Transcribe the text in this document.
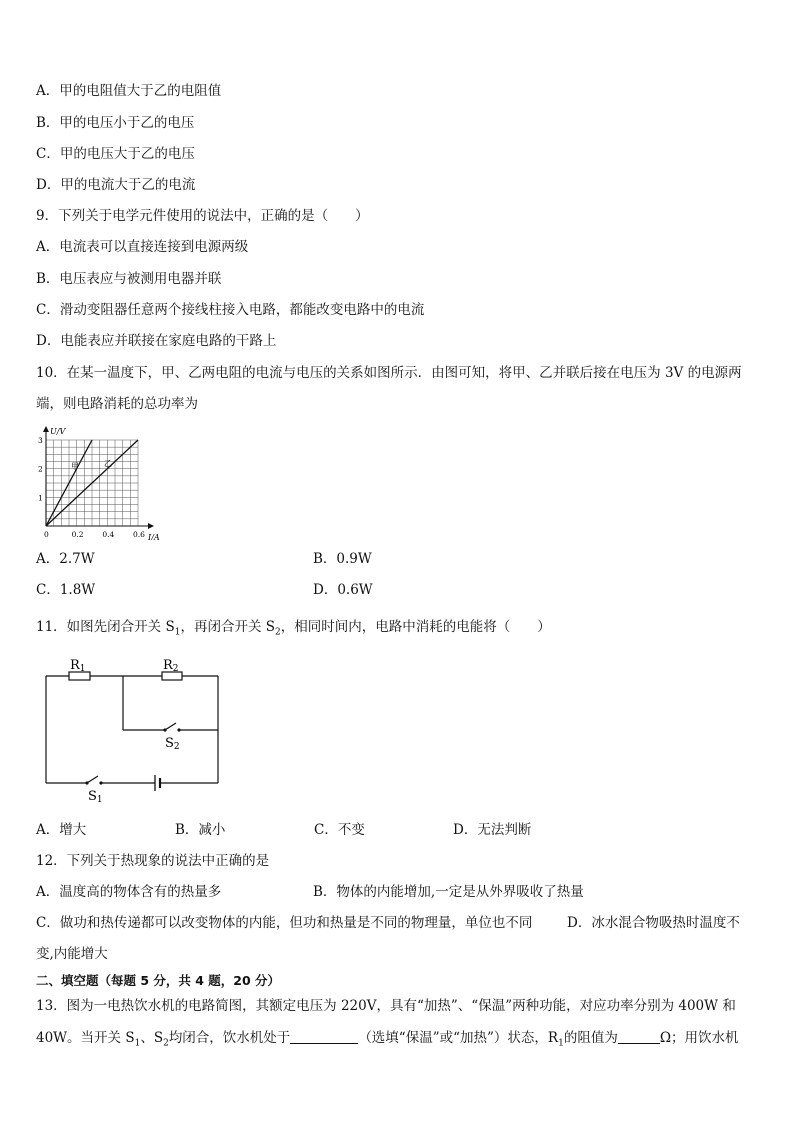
A．甲的电阻值大于乙的电阻值
B．甲的电压小于乙的电压
C．甲的电压大于乙的电压
D．甲的电流大于乙的电流
9．下列关于电学元件使用的说法中，正确的是（　　）
A．电流表可以直接连接到电源两级
B．电压表应与被测用电器并联
C．滑动变阻器任意两个接线柱接入电路，都能改变电路中的电流
D．电能表应并联接在家庭电路的干路上
10．在某一温度下，甲、乙两电阻的电流与电压的关系如图所示．由图可知，将甲、乙并联后接在电压为 3V 的电源两
端，则电路消耗的总功率为
I/A
U/V
0	0.2 0.4 0.6
1
2
3
甲	乙
A．2.7W	B．0.9W
C．1.8W	D．0.6W
11．如图先闭合开关 $S_1$，再闭合开关 $S_2$，相同时间内，电路中消耗的电能将（　　）
R1	R2
S2
S1
A．增大	B．减小	C．不变	D．无法判断
12．下列关于热现象的说法中正确的是
A．温度高的物体含有的热量多	B．物体的内能增加,一定是从外界吸收了热量
C．做功和热传递都可以改变物体的内能，但功和热量是不同的物理量，单位也不同	D．冰水混合物吸热时温度不
变,内能增大
二、填空题（每题 5 分，共 4 题，20 分）
13．图为一电热饮水机的电路简图，其额定电压为 220V，具有“加热”、“保温”两种功能，对应功率分别为 400W 和
40W。当开关 $S_1$、$S_2$均闭合，饮水机处于	（选填“保温”或“加热”）状态，$R_1$的阻值为	Ω；用饮水机
